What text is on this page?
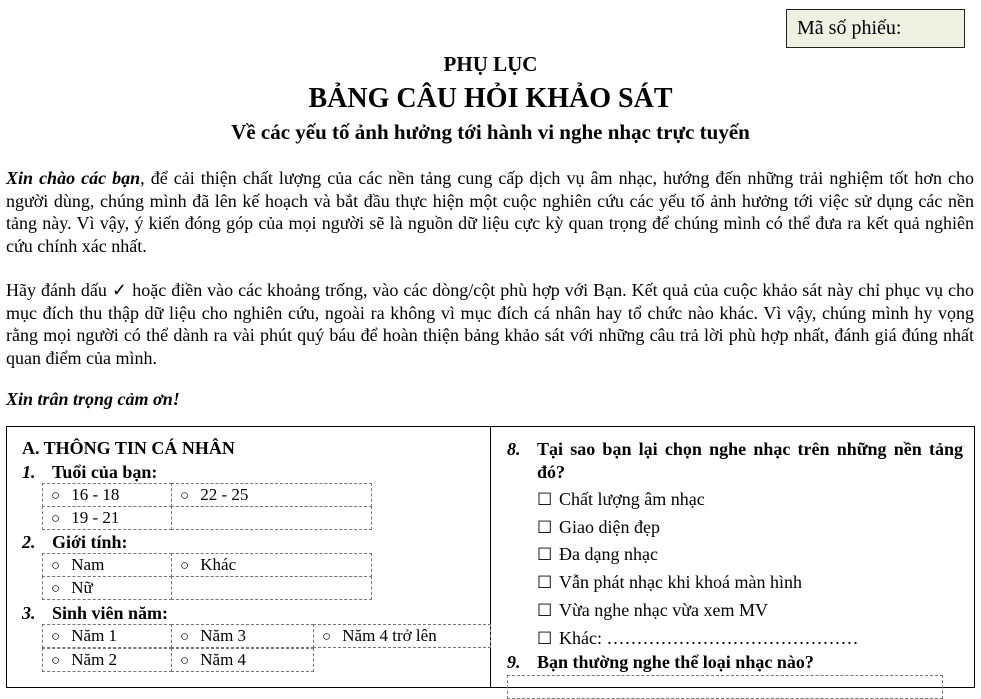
Mã số phiếu:
PHỤ LỤC
BẢNG CÂU HỎI KHẢO SÁT
Về các yếu tố ảnh hưởng tới hành vi nghe nhạc trực tuyến

Xin chào các bạn, để cải thiện chất lượng của các nền tảng cung cấp dịch vụ âm nhạc, hướng đến những trải nghiệm tốt hơn cho người dùng, chúng mình đã lên kế hoạch và bắt đầu thực hiện một cuộc nghiên cứu các yếu tố ảnh hưởng tới việc sử dụng các nền tảng này. Vì vậy, ý kiến đóng góp của mọi người sẽ là nguồn dữ liệu cực kỳ quan trọng để chúng mình có thể đưa ra kết quả nghiên cứu chính xác nhất.

Hãy đánh dấu ✓ hoặc điền vào các khoảng trống, vào các dòng/cột phù hợp với Bạn. Kết quả của cuộc khảo sát này chỉ phục vụ cho mục đích thu thập dữ liệu cho nghiên cứu, ngoài ra không vì mục đích cá nhân hay tổ chức nào khác. Vì vậy, chúng mình hy vọng rằng mọi người có thể dành ra vài phút quý báu để hoàn thiện bảng khảo sát với những câu trả lời phù hợp nhất, đánh giá đúng nhất quan điểm của mình.

Xin trân trọng cảm ơn!

A. THÔNG TIN CÁ NHÂN
1. Tuổi của bạn:
○ 16 - 18	○ 22 - 25
○ 19 - 21
2. Giới tính:
○ Nam	○ Khác
○ Nữ
3. Sinh viên năm:
○ Năm 1	○ Năm 3	○ Năm 4 trở lên
○ Năm 2	○ Năm 4
8. Tại sao bạn lại chọn nghe nhạc trên những nền tảng đó?
☐ Chất lượng âm nhạc
☐ Giao diện đẹp
☐ Đa dạng nhạc
☐ Vẫn phát nhạc khi khoá màn hình
☐ Vừa nghe nhạc vừa xem MV
☐ Khác: ……………………………………
9. Bạn thường nghe thể loại nhạc nào?
